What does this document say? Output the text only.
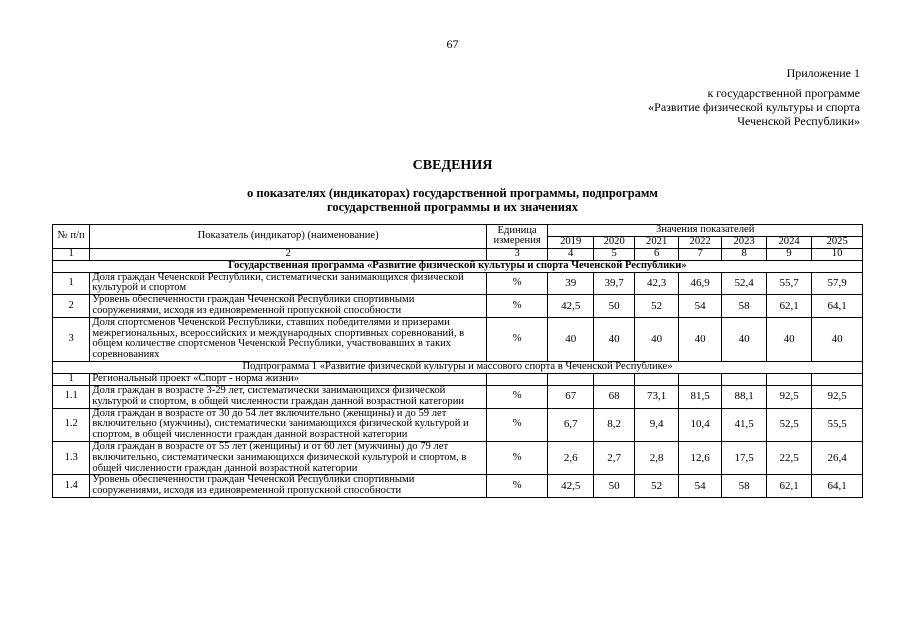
67
Приложение 1
к государственной программе
«Развитие физической культуры и спорта
Чеченской Республики»
СВЕДЕНИЯ
о показателях (индикаторах) государственной программы, подпрограмм
государственной программы и их значениях
№ п/п	Показатель (индикатор) (наименование)	Единица измерения	Значения показателей						
			2019	2020	2021	2022	2023	2024	2025
1	2	3	4	5	6	7	8	9	10
Государственная программа «Развитие физической культуры и спорта Чеченской Республики»									
1	Доля граждан Чеченской Республики, систематически занимающихся физической культурой и спортом	%	39	39,7	42,3	46,9	52,4	55,7	57,9
2	Уровень обеспеченности граждан Чеченской Республики спортивными сооружениями, исходя из единовременной пропускной способности	%	42,5	50	52	54	58	62,1	64,1
3	Доля спортсменов Чеченской Республики, ставших победителями и призерами межрегиональных, всероссийских и международных спортивных соревнований, в общем количестве спортсменов Чеченской Республики, участвовавших в таких соревнованиях	%	40	40	40	40	40	40	40
Подпрограмма 1 «Развитие физической культуры и массового спорта в Чеченской Республике»									
1	Региональный проект «Спорт - норма жизни»								
1.1	Доля граждан в возрасте 3-29 лет, систематически занимающихся физической культурой и спортом, в общей численности граждан данной возрастной категории	%	67	68	73,1	81,5	88,1	92,5	92,5
1.2	Доля граждан в возрасте от 30 до 54 лет включительно (женщины) и до 59 лет включительно (мужчины), систематически занимающихся физической культурой и спортом, в общей численности граждан данной возрастной категории	%	6,7	8,2	9,4	10,4	41,5	52,5	55,5
1.3	Доля граждан в возрасте от 55 лет (женщины) и от 60 лет (мужчины) до 79 лет включительно, систематически занимающихся физической культурой и спортом, в общей численности граждан данной возрастной категории	%	2,6	2,7	2,8	12,6	17,5	22,5	26,4
1.4	Уровень обеспеченности граждан Чеченской Республики спортивными сооружениями, исходя из единовременной пропускной способности	%	42,5	50	52	54	58	62,1	64,1
